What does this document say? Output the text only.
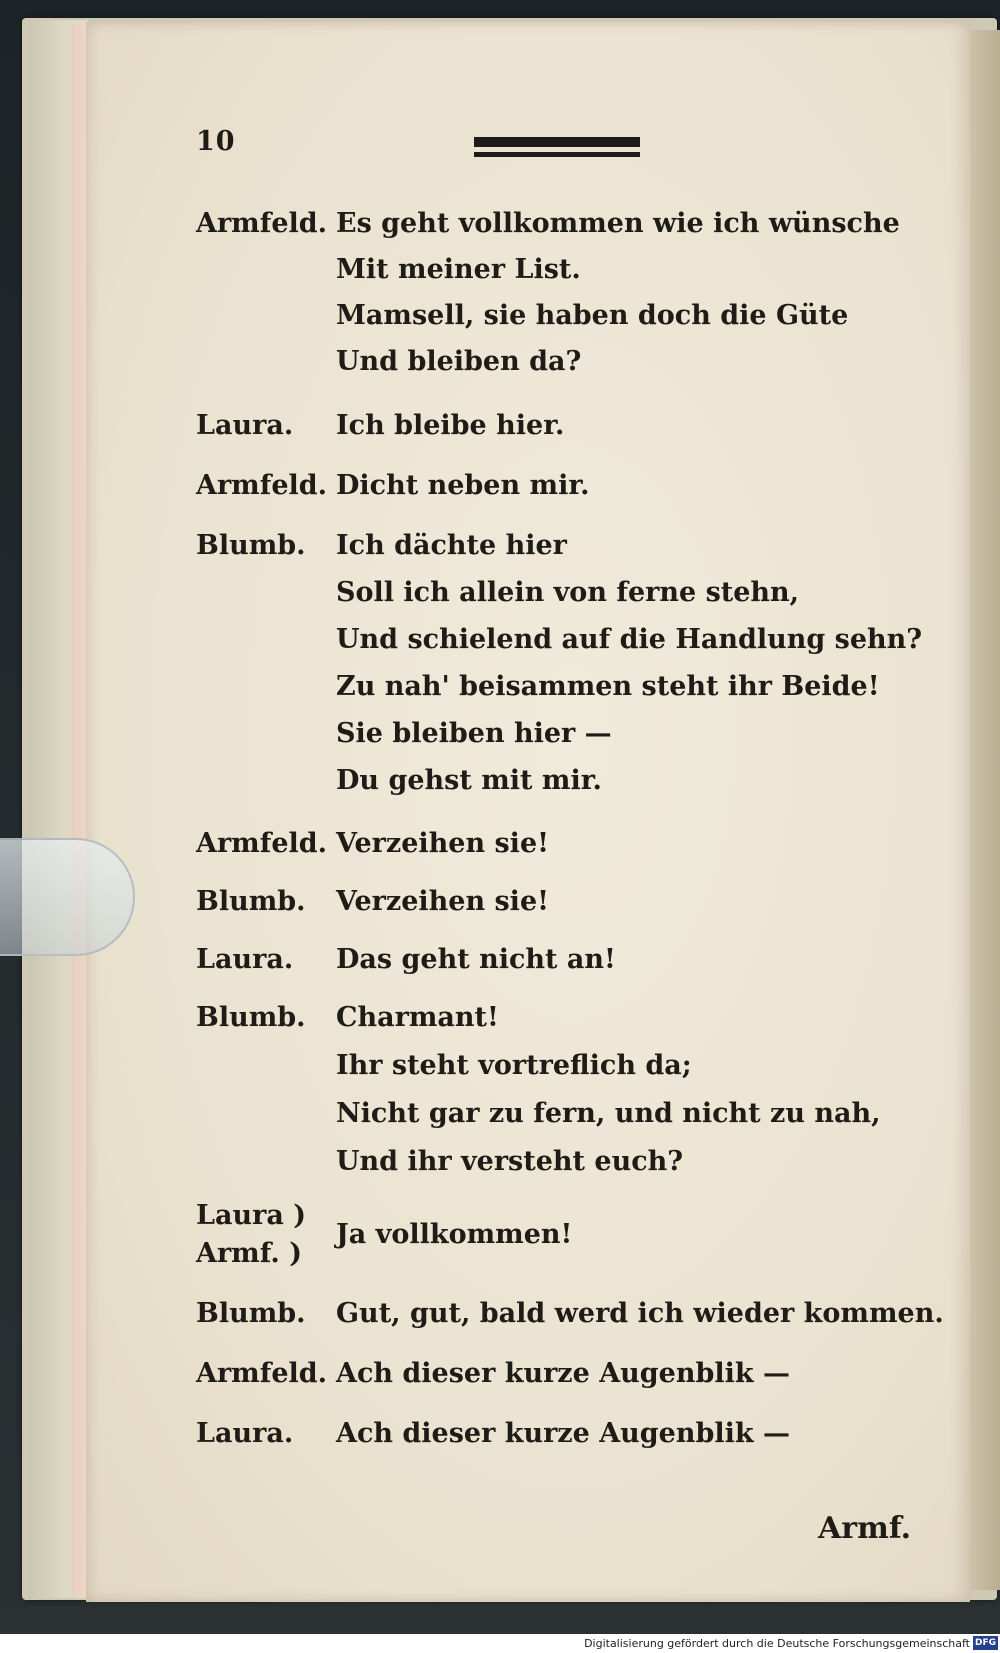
10
Armfeld. Es geht vollkommen wie ich wünsche
Mit meiner List.
Mamsell, sie haben doch die Güte
Und bleiben da?
Laura. Ich bleibe hier.
Armfeld. Dicht neben mir.
Blumb. Ich dächte hier
Soll ich allein von ferne stehn,
Und schielend auf die Handlung sehn?
Zu nah' beisammen steht ihr Beide!
Sie bleiben hier —
Du gehst mit mir.
Armfeld. Verzeihen sie!
Blumb. Verzeihen sie!
Laura. Das geht nicht an!
Blumb. Charmant!
Ihr steht vortreflich da;
Nicht gar zu fern, und nicht zu nah,
Und ihr versteht euch?
Laura )
Armf. )
Ja vollkommen!
Blumb. Gut, gut, bald werd ich wieder kommen.
Armfeld. Ach dieser kurze Augenblik —
Laura. Ach dieser kurze Augenblik —
Armf.
Digitalisierung gefördert durch die Deutsche Forschungsgemeinschaft DFG
